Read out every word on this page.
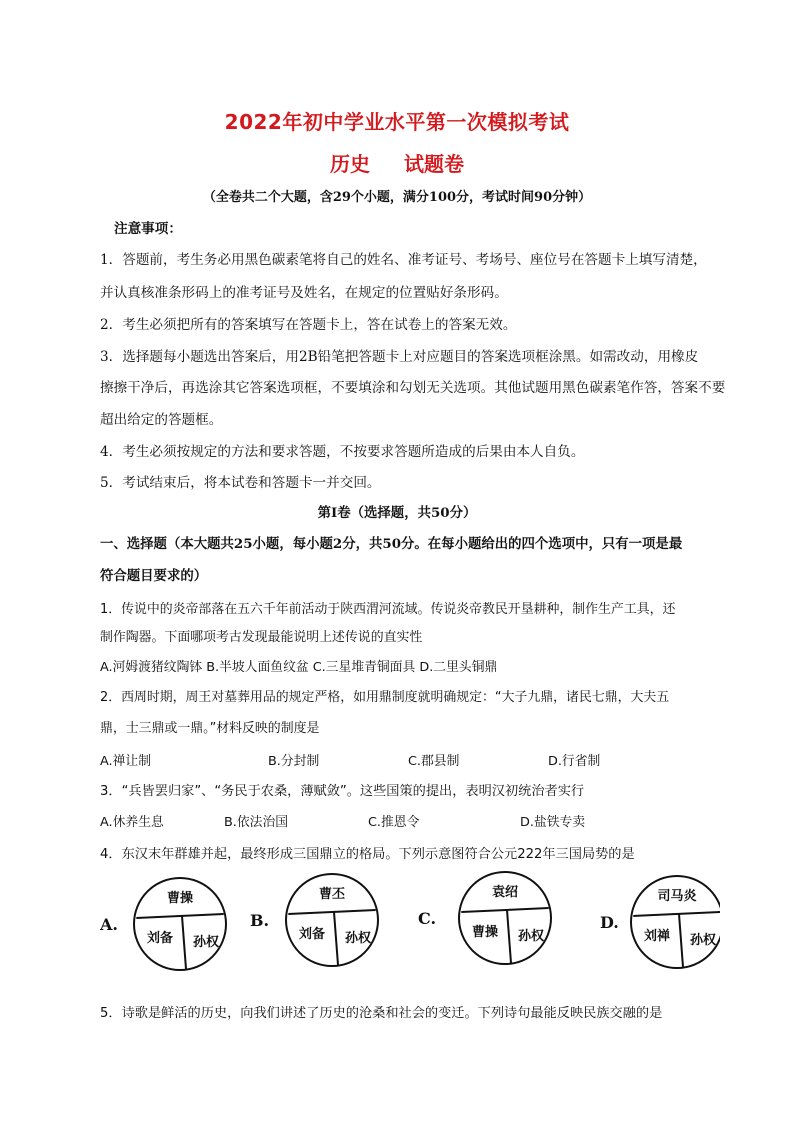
2022年初中学业水平第一次模拟考试
历史 试题卷
（全卷共二个大题，含29个小题，满分100分，考试时间90分钟）
注意事项：
1．答题前，考生务必用黑色碳素笔将自己的姓名、准考证号、考场号、座位号在答题卡上填写清楚，
并认真核准条形码上的准考证号及姓名，在规定的位置贴好条形码。
2．考生必须把所有的答案填写在答题卡上，答在试卷上的答案无效。
3．选择题每小题选出答案后，用2B铅笔把答题卡上对应题目的答案选项框涂黑。如需改动，用橡皮
擦擦干净后，再选涂其它答案选项框，不要填涂和勾划无关选项。其他试题用黑色碳素笔作答，答案不要
超出给定的答题框。
4．考生必须按规定的方法和要求答题，不按要求答题所造成的后果由本人自负。
5．考试结束后，将本试卷和答题卡一并交回。
第Ⅰ卷（选择题，共50分）
一、选择题（本大题共25小题，每小题2分，共50分。在每小题给出的四个选项中，只有一项是最
符合题目要求的）
1．传说中的炎帝部落在五六千年前活动于陕西渭河流域。传说炎帝教民开垦耕种，制作生产工具，还
制作陶器。下面哪项考古发现最能说明上述传说的直实性
A.河姆渡猪纹陶钵 B.半坡人面鱼纹盆 C.三星堆青铜面具 D.二里头铜鼎
2．西周时期，周王对墓葬用品的规定严格，如用鼎制度就明确规定：“大子九鼎，诸民七鼎，大夫五
鼎，士三鼎或一鼎。”材料反映的制度是
A.禅让制	B.分封制	C.郡县制	D.行省制
3．“兵皆罢归家”、“务民于农桑，薄赋敛”。这些国策的提出，表明汉初统治者实行
A.休养生息	B.依法治国	C.推恩令	D.盐铁专卖
4．东汉末年群雄并起，最终形成三国鼎立的格局。下列示意图符合公元222年三国局势的是
A.
曹操
刘备 孙权
B.
曹丕
刘备 孙权
C.
袁绍
曹操 孙权
D.
司马炎
刘禅 孙权
5．诗歌是鲜活的历史，向我们讲述了历史的沧桑和社会的变迁。下列诗句最能反映民族交融的是
